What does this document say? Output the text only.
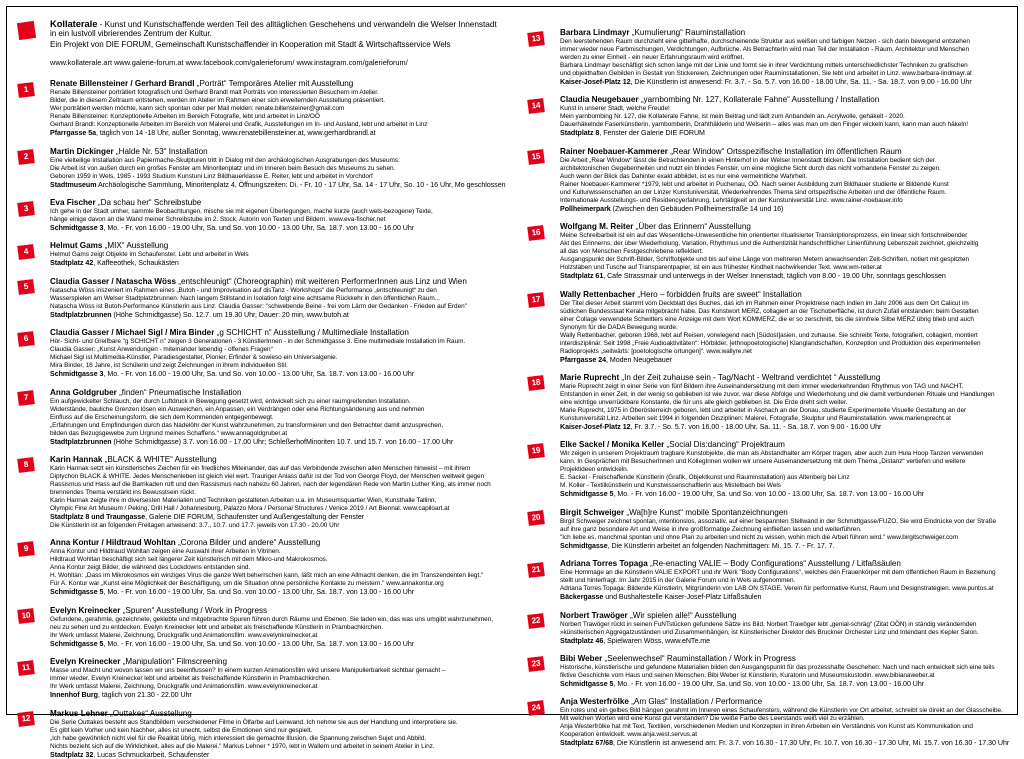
Kollaterale - Kunst und Kunstschaffende werden Teil des alltäglichen Geschehens und verwandeln die Welser Innenstadt
in ein lustvoll vibrierendes Zentrum der Kultur.
Ein Projekt von DIE FORUM, Gemeinschaft Kunstschaffender in Kooperation mit Stadt & Wirtschaftsservice Wels
www.kollaterale.art www.galerie-forum.at www.facebook.com/galerieforum/ www.instagram.com/galerieforum/
1
Renate Billensteiner / Gerhard Brandl „Porträt“ Temporäres Atelier mit Ausstellung

Renate Billensteiner porträtiert fotografisch und Gerhard Brandl malt Porträts von interessierten Besuchern im Atelier.

Bilder, die in diesem Zeitraum entstehen, werden im Atelier im Rahmen einer sich erweiternden Ausstellung präsentiert.

Wer porträtiert werden möchte, kann sich spontan oder per Mail melden: renate.billensteiner@gmail.com

Renate Billensteiner: Konzeptionelle Arbeiten im Bereich Fotografie, lebt und arbeitet in Linz/OÖ

Gerhard Brandl: Konzeptionelle Arbeiten im Bereich von Malerei und Grafik, Ausstellungen im In- und Ausland, lebt und arbeitet in Linz

Pfarrgasse 5a, täglich von 14 -18 Uhr, außer Sonntag, www.renatebillensteiner.at, www.gerhardbrandl.at

2
Martin Dickinger „Halde Nr. 53“ Installation

Eine vielteilige Installation aus Papiermache-Skulpturen tritt in Dialog mit den archäologischen Ausgrabungen des Museums.

Die Arbeit ist von außen durch ein großes Fenster am Minoritenplatz und im Inneren beim Besuch des Museums zu sehen.

Geboren 1959 in Wels, 1985 - 1993 Studium Kunstuni Linz Bildhauerklasse E. Reiter, lebt und arbeitet in Vorchdorf

Stadtmuseum Archäologische Sammlung, Minoritenplatz 4, Öffnungszeiten: Di. - Fr. 10 - 17 Uhr, Sa. 14 - 17 Uhr, So. 10 - 16 Uhr, Mo geschlossen

3
Eva Fischer „Da schau her“ Schreibstube

Ich gehe in der Stadt umher, sammle Beobachtungen, mische sie mit eigenen Überlegungen, mache kurze (auch wels-bezogene) Texte,

hänge einige davon an die Wand meiner Schreibstube im 2. Stock. Autorin von Texten und Bildern. www.eva-fischer.net

Schmidtgasse 3, Mo. - Fr. von 16.00 - 19.00 Uhr, Sa. und So. von 10.00 - 13.00 Uhr, Sa. 18.7. von 13.00 - 16.00 Uhr

4
Helmut Gams „MIX“ Ausstellung

Helmut Gams zeigt Objekte im Schaufenster. Lebt und arbeitet in Wels

Stadtplatz 42, Kaffeeothek, Schaukästen

5
Claudia Gasser / Natascha Wöss „entschleunigt“ (Choreographin) mit weiteren PerformerInnen aus Linz und Wien

Natascha Wöss inszeniert im Rahmen eines „Butoh - und Improvisation auf disTanz - Workshops“ die Performance „entschleunigt“ zu den

Wasserspielen am Welser Stadtplatzbrunnen. Nach langem Stillstand in Isolation folgt eine achtsame Rückkehr in den öffentlichen Raum...

Natascha Wöss ist Butoh-Performance Künstlerin aus Linz. Claudia Gasser: "schwebende Beine - frei vom Lärm der Gedanken - Frieden auf Erden"

Stadtplatzbrunnen (Höhe Schmidtgasse) So. 12.7. um 19.30 Uhr, Dauer: 20 min, www.butoh.at

6
Claudia Gasser / Michael Sigl / Mira Binder „g SCHICHT n“ Ausstellung / Multimediale Installation

Hör- Sicht- und Greifbare "g SCHICHT n" zeigen 3 Generationen - 3 KünstlerInnen - in der Schmidtgasse 3. Eine multimediale Installation im Raum.

Claudia Gasser: „Kunst Anwendungen - miteinander lebendig - offenes Fragen“

Michael Sigl ist Multimedia-Künstler, Paradiesgestalter, Pionier, Erfinder & sowieso ein Universalgenie.

Mira Binder, 16 Jahre, ist Schülerin und zeigt Zeichnungen in ihrem individuellen Stil.

Schmidtgasse 3, Mo. - Fr. von 16.00 - 19.00 Uhr, Sa. und So. von 10.00 - 13.00 Uhr, Sa. 18.7. von 13.00 - 16.00 Uhr

7
Anna Goldgruber „finden“ Pneumatische Installation

Ein aufgewickelter Schlauch, der durch Luftdruck in Bewegung gesetzt wird, entwickelt sich zu einer raumgreifenden Installation.

Widerstände, bauliche Grenzen lösen ein Ausweichen, ein Anpassen, ein Verdrängen oder eine Richtungsänderung aus und nehmen

Einfluss auf die Erscheinungsform, die sich dem Kommenden entgegenbewegt.

„Erfahrungen und Empfindungen durch das Nadelöhr der Kunst wahrzunehmen, zu transformieren und den Betrachter damit anzusprechen,

bilden das Bezugsgewebe zum Urgrund meines Schaffens." www.annagoldgruber.at

Stadtplatzbrunnen (Höhe Schmidtgasse) 3.7. von 16.00 - 17.00 Uhr; SchleßerhofMinoriten 10.7. und 15.7. von 16.00 - 17.00 Uhr

8
Karin Hannak „BLACK & WHITE“ Ausstellung

Karin Hannak setzt ein künstlerisches Zeichen für ein friedliches Miteinander, das auf das Verbindende zwischen allen Menschen hinweist – mit ihrem

Diptychon BLACK & WHITE. Jedes Menschenleben ist gleich viel wert. Trauriger Anlass dafür ist der Tod von George Floyd, der Menschen weltweit gegen

Rassismus und Hass auf die Barrikaden ruft und den Rassismus nach nahezu 60 Jahren, nach der legendären Rede von Martin Luther King, als immer noch

brennendes Thema verstärkt ins Bewusstsein rückt.

Karin Hannak zeigte ihre in diversesten Materialien und Techniken gestalteten Arbeiten u.a. im Museumsquartier Wien, Kunsthalle Tallinn,

Olympic Fine Art Museum / Peking, Drill Hall / Johannesburg, Palazzo Mora / Personal Structures / Venice 2019 / Art Biennal. www.capiloart.at

Stadtplatz 8 und Traungasse, Galerie DIE FORUM, Schaufenster und Außengestaltung der Fenster

Die Künstlerin ist an folgenden Freitagen anwesend: 3.7., 10.7. und 17.7. jeweils von 17.30 - 20.00 Uhr

9
Anna Kontur / Hildtraud Wohltan „Corona Bilder und andere“ Ausstellung

Anna Kontur und Hildtraud Wohltan zeigen eine Auswahl ihrer Arbeiten in Vitrinen.

Hildtraud Wohltan beschäftigt sich seit längerer Zeit künstlerisch mit dem Mikro-und Makrokosmos.

Anna Kontur zeigt Bilder, die während des Lockdowns entstanden sind.

H. Wohltan: „Dass im Mikrokosmos ein winziges Virus die ganze Welt beherrschen kann, läßt mich an eine Allmacht denken, die im Transzendenten liegt."

Für A. Kontur war „Kunst eine Möglichkeit der Beschäftigung, um die Situation ohne persönliche Kontakte zu meistern." www.annakontur.org

Schmidtgasse 5, Mo. - Fr. von 16.00 - 19.00 Uhr, Sa. und So. von 10.00 - 13.00 Uhr, Sa. 18.7. von 13.00 - 16.00 Uhr

10
Evelyn Kreinecker „Spuren“ Ausstellung / Work in Progress

Gefundene, gerahmte, gezeichnete, geklebte und mitgebrachte Spuren führen durch Räume und Ebenen. Sie laden ein, das was uns umgibt wahrzunehmen,

neu zu sehen und zu entdecken. Evelyn Kreinecker lebt und arbeitet als freischaffende Künstlerin in Prambachkirchen.

Ihr Werk umfasst Malerei, Zeichnung, Druckgrafik und Animationsfilm. www.evelynkreinecker.at

Schmidtgasse 5, Mo. - Fr. von 16.00 - 19.00 Uhr, Sa. und So. von 10.00 - 13.00 Uhr, Sa. 18.7. von 13.00 - 16.00 Uhr

11
Evelyn Kreinecker „Manipulation“ Filmscreening

Masse und Macht und wovon lassen wir uns beeinflussen? In einem kurzen Animationsfilm wird unsere Manipulierbarkeit sichtbar gemacht –

immer wieder. Evelyn Kreinecker lebt und arbeitet als freischaffende Künstlerin in Prambachkirchen.

Ihr Werk umfasst Malerei, Zeichnung, Druckgrafik und Animationsfilm. www.evelynkreinecker.at

Innenhof Burg, täglich von 21.30 - 22.00 Uhr

12
Markus Lehner „Outtakes“ Ausstellung

Die Serie Outtakes besteht aus Standbildern verschiedener Filme in Ölfarbe auf Leinwand. Ich nehme sie aus der Handlung und interpretiere sie.

Es gibt kein Vorher und kein Nachher, alles ist unecht, selbst die Emotionen sind nur gespielt.

„Ich habe gewöhnlich nicht viel für die Realität übrig, mich interessiert die gemachte Illusion, die Spannung zwischen Sujet und Abbild.

Nichts bezieht sich auf die Wirklichkeit, alles auf die Malerei." Markus Lehner * 1970, lebt in Wallern und arbeitet in seinem Atelier in Linz.

Stadtplatz 32, Lucas Schmuckarbeit, Schaufenster

13
Barbara Lindmayr „Kumulierung“ Rauminstallation

Den leerstehenden Raum durchzieht eine gitterhafte, durchscheinende Struktur aus weißen und farbigen Netzen - sich darin bewegend entstehen

immer wieder neue Farbmischungen, Verdichtungen, Aufbrüche. Als BetrachterIn wird man Teil der Installation - Raum, Architektur und Menschen

werden zu einer Einheit - ein neuer Erfahrungsraum wird eröffnet.

Barbara Lindmayr beschäftigt sich schon lange mit der Linie und formt sie in ihrer Verdichtung mittels unterschiedlichster Techniken zu grafischen

und objekthaften Gebilden in Gestalt von Stickereien, Zeichnungen oder Rauminstallationen. Sie lebt und arbeitet in Linz. www.barbara-lindmayr.at

Kaiser-Josef-Platz 12, Die Künstlerin ist anwesend: Fr. 3.7. - So. 5.7. von 16.00 - 18.00 Uhr, Sa. 11. - Sa. 18.7. von 9.00 - 16.00 Uhr

14
Claudia Neugebauer „yarnbombing Nr. 127, Kollaterale Fahne“ Ausstellung / Installation

Kunst in unserer Stadt, welche Freude!

Mein yarnbombing Nr. 127, die Kollaterale Fahne, ist mein Beitrag und lädt zum Anbandeln an. Acrylwolle, gehäkelt - 2020.

Dauerhäkelnde Faserkünstlerin, yarnbomberin, Drahthäklerin und Welserin – alles was man um den Finger wickeln kann, kann man auch häkeln!

Stadtplatz 8, Fenster der Galerie DIE FORUM

15
Rainer Noebauer-Kammerer „Rear Window“ Ortsspezifische Installation im öffentlichen Raum

Die Arbeit „Rear Window“ lässt die Betrachtenden in einen Hinterhof in der Welser Innenstadt blicken. Die Installation bedient sich der

architektonischen Gegebenheiten und nutzt ein blindes Fenster, um eine mögliche Sicht durch das nicht vorhandene Fenster zu zeigen.

Auch wenn der Blick das Dahinter exakt abbildet, ist es nur eine vermeintliche Wahrheit.

Rainer Noebauer-Kammerer *1979, lebt und arbeitet in Puchenau, OÖ. Nach seiner Ausbildung zum Bildhauer studierte er Bildende Kunst

und Kulturwissenschaften an der Linzer Kunstuniversität. Wiederkehrendes Thema sind ortspezifische Arbeiten und der öffentliche Raum.

Internationale Ausstellungs- und Residencyerfahrung. Lehrtätigkeit an der Kunstuniversität Linz. www.rainer-noebauer.info

Pollheimerpark (Zwischen den Gebäuden Pollheimerstraße 14 und 16)

16
Wolfgang M. Reiter „Über das Erinnern“ Ausstellung

Meine Schreibarbeit ist ein auf das Wesentliche-Unwesentliche hin orientierter ritualisierter Transkriptionsprozess, ein linear sich fortschreibender

Akt des Erinnerns, der über Wiederholung, Variation, Rhythmus und die Authentizität handschriftlicher Linienführung Lebenszeit zeichnet, gleichzeitig

all das von Menschen Festgeschriebene reflektiert.

Ausgangspunkt der Schrift-Bilder, Schriftobjekte und bis auf eine Länge von mehreren Metern anwachsenden Zeit-Schriften, notiert mit gespitzten

Holzstäben und Tusche auf Transparentpapier, ist ein aus frühester Kindheit nachwirkender Text. www.wm-reiter.at

Stadtplatz 61, Cafe Strassmair und unterwegs in der Welser Innenstadt, täglich von 8.00 - 19.00 Uhr, sonntags geschlossen

17
Wally Rettenbacher „Hero – forbidden fruits are sweet“ Installation

Der Titel dieser Arbeit stammt vom Deckblatt des Buches, das ich im Rahmen einer Projektreise nach Indien im Jahr 2006 aus dem Ort Calicut im

südlichen Bundesstaat Kerala mitgebracht habe. Das Kunstwort MERZ, collagiert an der Tischoberfläche, ist durch Zufall entstanden: beim Gestalten

einer Collage verwendete Schwitters eine Anzeige mit dem Wort KOMMERZ, die er so zerschnitt, bis die sinnfreie Silbe MERZ übrig blieb und auch

Synonym für die DADA Bewegung wurde.

Wally Rettenbacher, geboren 1968, lebt auf Reisen, vorwiegend nach [Südost]asien, und zuhause. Sie schreibt Texte, fotografiert, collagiert, montiert

interdisziplinär. Seit 1998 „Freie Audioaktivitäten“: Hörbilder, [ethnopoetologische] Klanglandschaften, Konzeption und Produktion des experimentellen

Radioprojekts „seitwärts: [poetologische ortungen]“. www.wallyre.net

Pfarrgasse 24, Moden Neugebauer

18
Marie Ruprecht „In der Zeit zuhause sein - Tag/Nacht - Weltrand verdichtet “ Ausstellung

Marie Ruprecht zeigt in einer Serie von fünf Bildern ihre Auseinandersetzung mit dem immer wiederkehrenden Rhythmus von TAG und NACHT.

Entstanden in einer Zeit, in der wenig so geblieben ist wie zuvor, war diese Abfolge und Wiederholung und die damit verbundenen Rituale und Handlungen

eine wichtige unverrückbare Konstante, die für uns alle gleich geblieben ist. Die Erde dreht sich weiter.

Marie Ruprecht, 1975 in Oberösterreich geboren, lebt und arbeitet in Aschach an der Donau, studierte Experimentelle Visuelle Gestaltung an der

Kunstuniversität Linz. Arbeiten seit 1994 in folgenden Disziplinen: Malerei, Fotografie, Skulptur und Rauminstallation. www.marieruprecht.at

Kaiser-Josef-Platz 12, Fr. 3.7. - So. 5.7. von 16.00 - 18.00 Uhr, Sa. 11. - Sa. 18.7. von 9.00 - 16.00 Uhr

19
Elke Sackel / Monika Keller „Social Dis:dancing“ Projektraum

Wir zeigen in unserem Projektraum tragbare Kunstobjekte, die man als Abstandhalter am Körper tragen, aber auch zum Hula Hoop Tanzen verwenden

kann. In Gesprächen mit BesucherInnen und KollegInnen wollen wir unsere Auseinandersetzung mit dem Thema „Distanz“ vertiefen und weitere

Projektideen entwickeln.

E. Sackel - Freischaffende Künstlerin (Grafik, Objektkunst und Rauminstallation) aus Altenberg bei Linz

M. Koller - Textilkünstlerin und Kunstwissenschaftlerin aus Mistelbach bei Wels

Schmidtgasse 5, Mo. - Fr. von 16.00 - 19.00 Uhr, Sa. und So. von 10.00 - 13.00 Uhr, Sa. 18.7. von 13.00 - 16.00 Uhr

20
Birgit Schweiger „Wa[h]re Kunst“ mobile Spontanzeichnungen

Birgit Schweiger zeichnet spontan, intentionslos, assoziativ, auf einer bespannten Stellwand in der Schmidtgasse/FUZO. Sie wird Eindrücke von der Straße

auf ihre ganz besondere Art und Weise in ihre großformatige Zeichnung einfließen lassen und weiterführen.

"Ich liebe es, manchmal spontan und ohne Plan zu arbeiten und nicht zu wissen, wohin mich die Arbeit führen wird." www.birgitschweiger.com

Schmidtgasse, Die Künstlerin arbeitet an folgenden Nachmittagen: Mi. 15. 7. - Fr. 17. 7.

21
Adriana Torres Topaga „Re-enacting VALIE – Body Configurations“ Ausstellung / Litfaßsäulen

Eine Hommage an die Künstlerin VALIE EXPORT und ihr Werk "Body Configurations", welches den Frauenkörper mit dem öffentlichen Raum in Beziehung

stellt und hinterfragt. Im Jahr 2015 in der Galerie Forum und in Wels aufgenommen.

Adriana Torres Topaga: Bildende Künstlerin, Mitgründerin von LAB ON STAGE. Verein für performative Kunst, Raum und Designstrategien. www.puntos.at

Bäckergasse und Bushaltestelle Kaiser-Josef-Platz Litfaßsäulen

22
Norbert Trawöger „Wir spielen alle!“ Ausstellung

Norbert Trawöger rückt in seinen FuNTstücken gefundene Sätze ins Bild. Norbert Trawöger lebt „genial-schräg“ (Zitat OÖN) in ständig verändernden

»künstlerischen Aggregatzuständen und Zusammenhängen, ist Künstlerischer Direktor des Bruckner Orchester Linz und Intendant des Kepler Salon.

Stadtplatz 46, Spielwaren Wöss, www.eNTe.me

23
Bibi Weber „Seelenwechsel“ Rauminstallation / Work in Progress

Historische, künstlerische und gefundene Materialien bilden den Ausgangspunkt für das prozesshafte Geschehen: Nach und nach entwickelt sich eine teils

fiktive Geschichte vom Haus und seinen Menschen. Bibi Weber ist Künstlerin, Kuratorin und Museumskustodin. www.bibianaweber.at

Schmidtgasse 5, Mo. - Fr. von 16.00 - 19.00 Uhr, Sa. und So. von 10.00 - 13.00 Uhr, Sa. 18.7. von 13.00 - 16.00 Uhr

24
Anja Westerfrölke „Am Glas“ Installation / Performance

Ein rotes und ein gelbes Bild hängen gerahmt im Inneren eines Schaufensters, während die Künstlerin vor Ort arbeitet, schreibt sie direkt an der Glasscheibe.

Mit welchen Worten wird eine Kunst gut verstanden? Die weiße Farbe des Leerstands weiß viel zu erzählen.

Anja Westerfrölke hat mit Text, Textilien, verschiedenen Medien und Konzepten in ihren Arbeiten ein Verständnis von Kunst als Kommunikation und

Kooperation entwickelt. www.anja.west.servus.at

Stadtplatz 67/68, Die Künstlerin ist anwesend am: Fr. 3.7. von 16.30 - 17.30 Uhr, Fr. 10.7. von 16.30 - 17.30 Uhr, Mi. 15.7. von 16.30 - 17.30 Uhr
